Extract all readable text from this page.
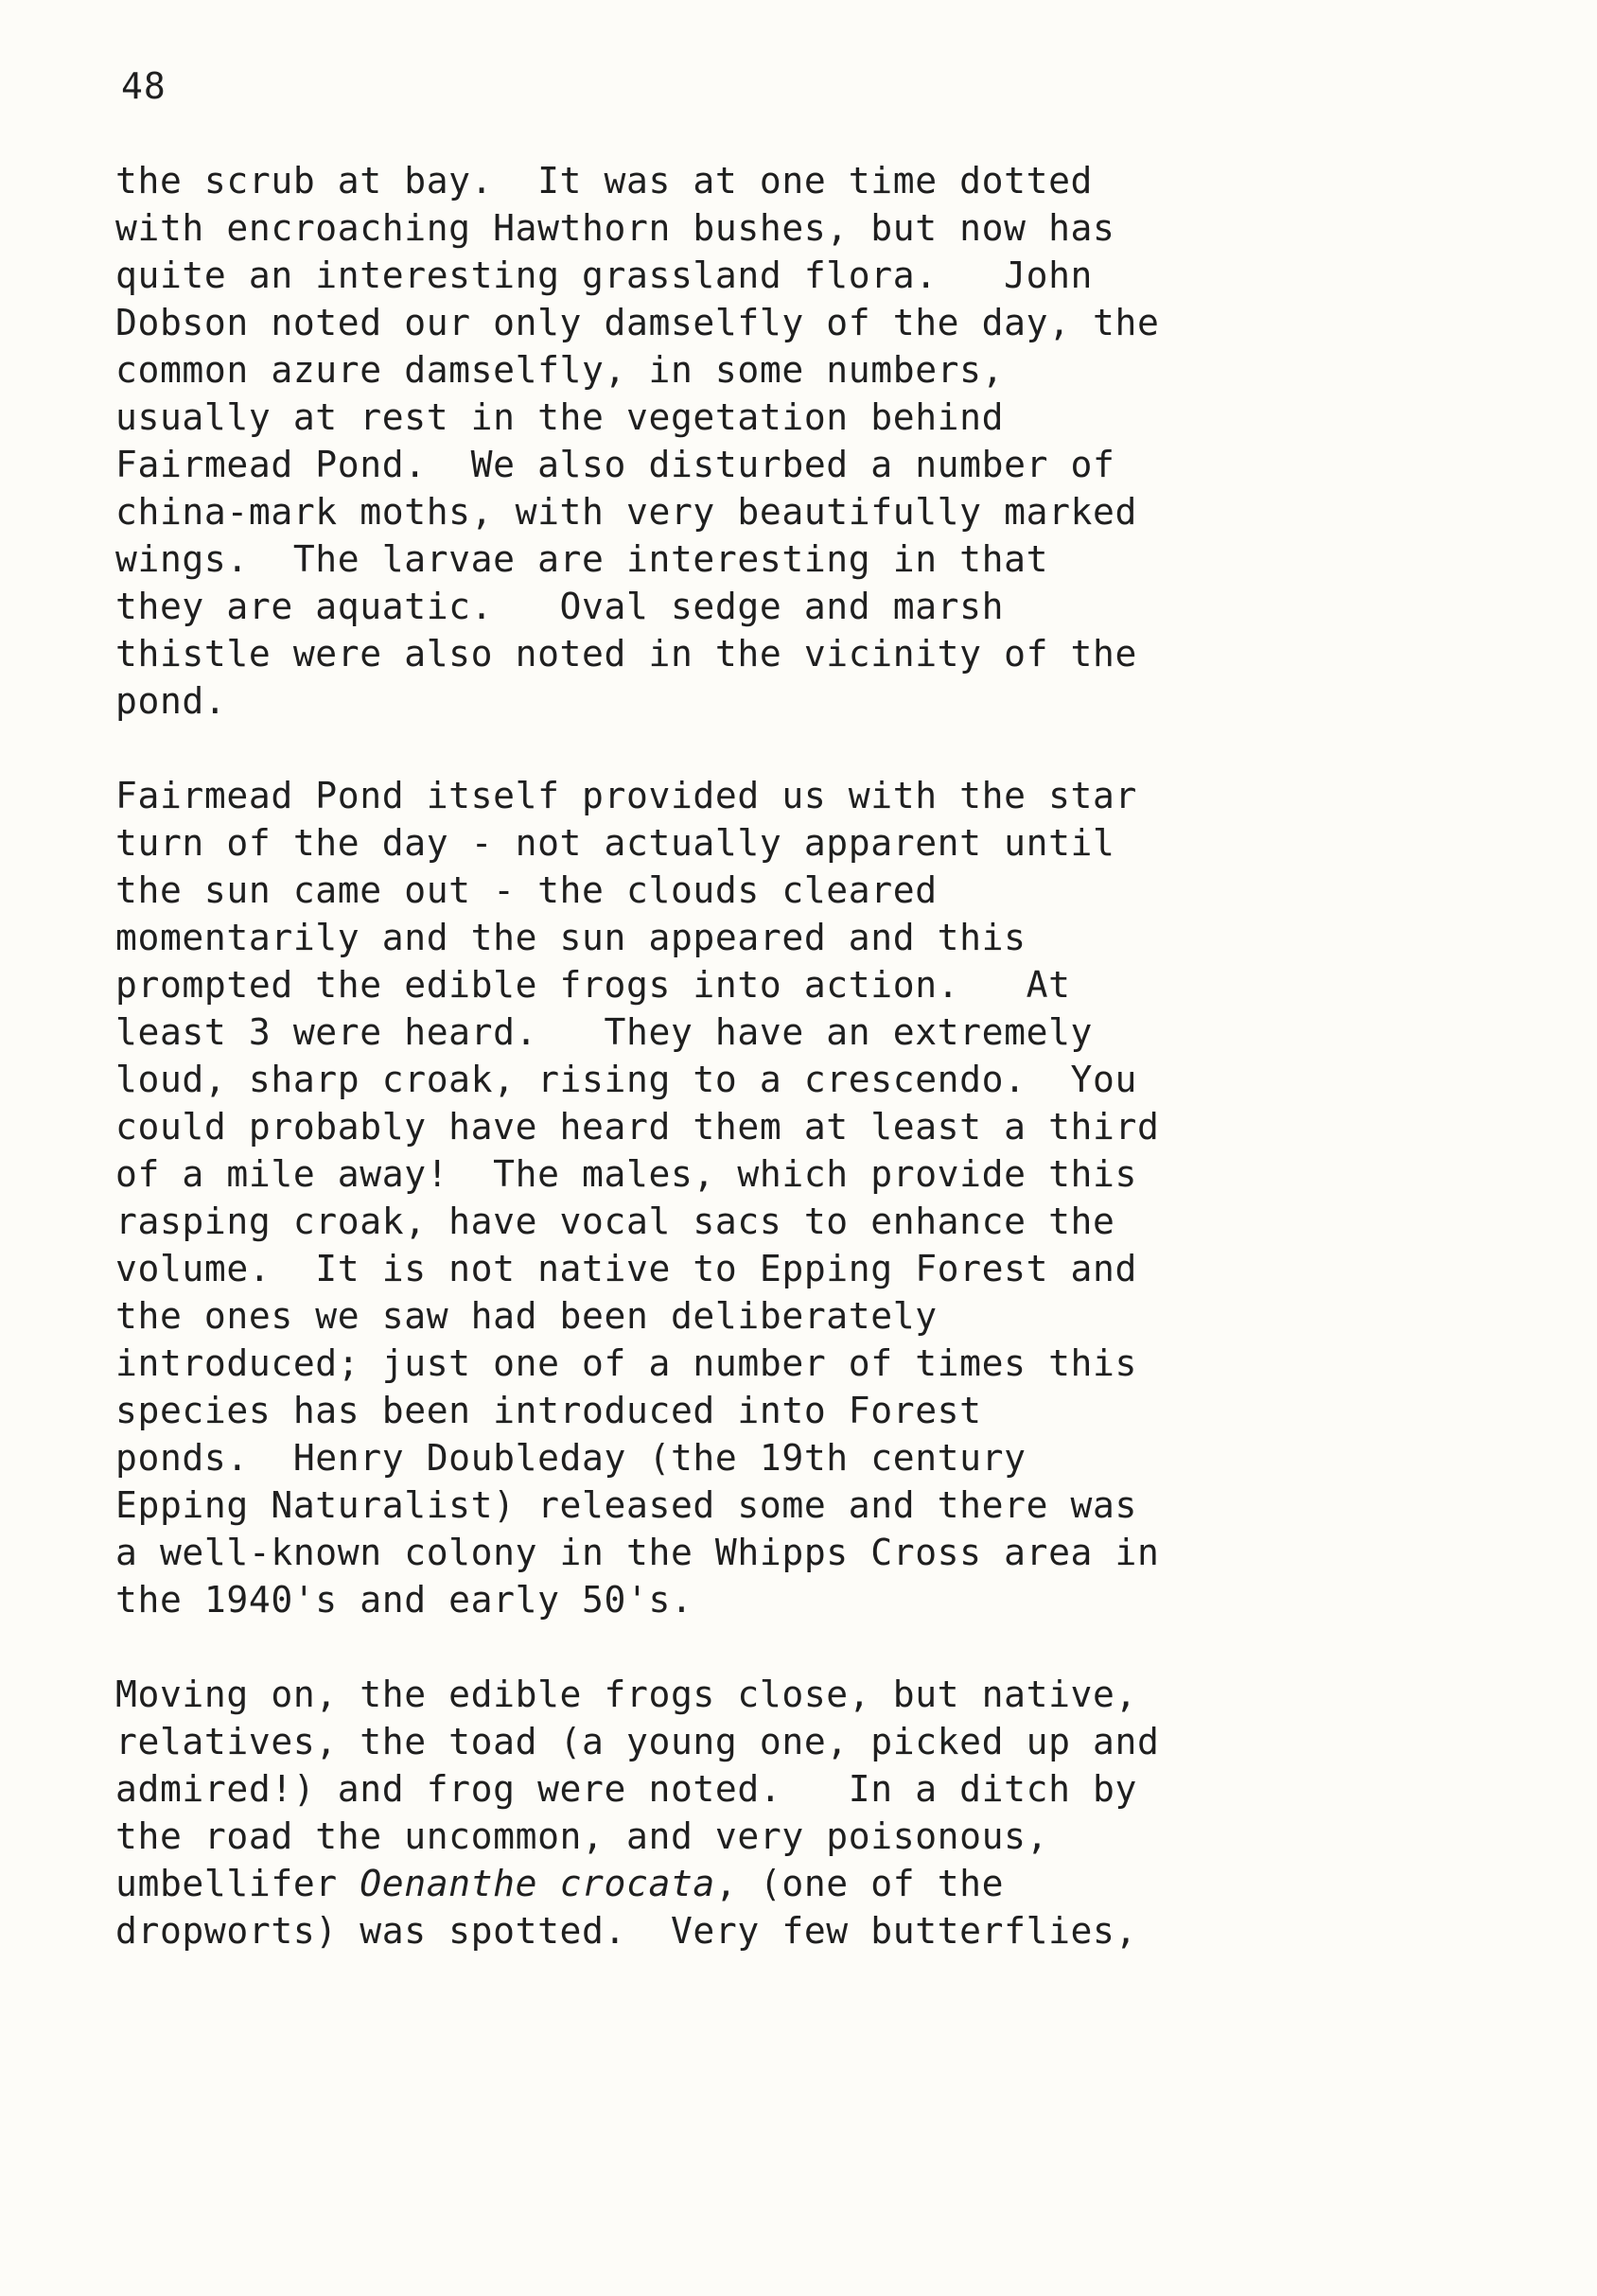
48

the scrub at bay.  It was at one time dotted
with encroaching Hawthorn bushes, but now has
quite an interesting grassland flora.   John
Dobson noted our only damselfly of the day, the
common azure damselfly, in some numbers,
usually at rest in the vegetation behind
Fairmead Pond.  We also disturbed a number of
china-mark moths, with very beautifully marked
wings.  The larvae are interesting in that
they are aquatic.   Oval sedge and marsh
thistle were also noted in the vicinity of the
pond.

Fairmead Pond itself provided us with the star
turn of the day - not actually apparent until
the sun came out - the clouds cleared
momentarily and the sun appeared and this
prompted the edible frogs into action.   At
least 3 were heard.   They have an extremely
loud, sharp croak, rising to a crescendo.  You
could probably have heard them at least a third
of a mile away!  The males, which provide this
rasping croak, have vocal sacs to enhance the
volume.  It is not native to Epping Forest and
the ones we saw had been deliberately
introduced; just one of a number of times this
species has been introduced into Forest
ponds.  Henry Doubleday (the 19th century
Epping Naturalist) released some and there was
a well-known colony in the Whipps Cross area in
the 1940's and early 50's.

Moving on, the edible frogs close, but native,
relatives, the toad (a young one, picked up and
admired!) and frog were noted.   In a ditch by
the road the uncommon, and very poisonous,
umbellifer Oenanthe crocata, (one of the
dropworts) was spotted.  Very few butterflies,
